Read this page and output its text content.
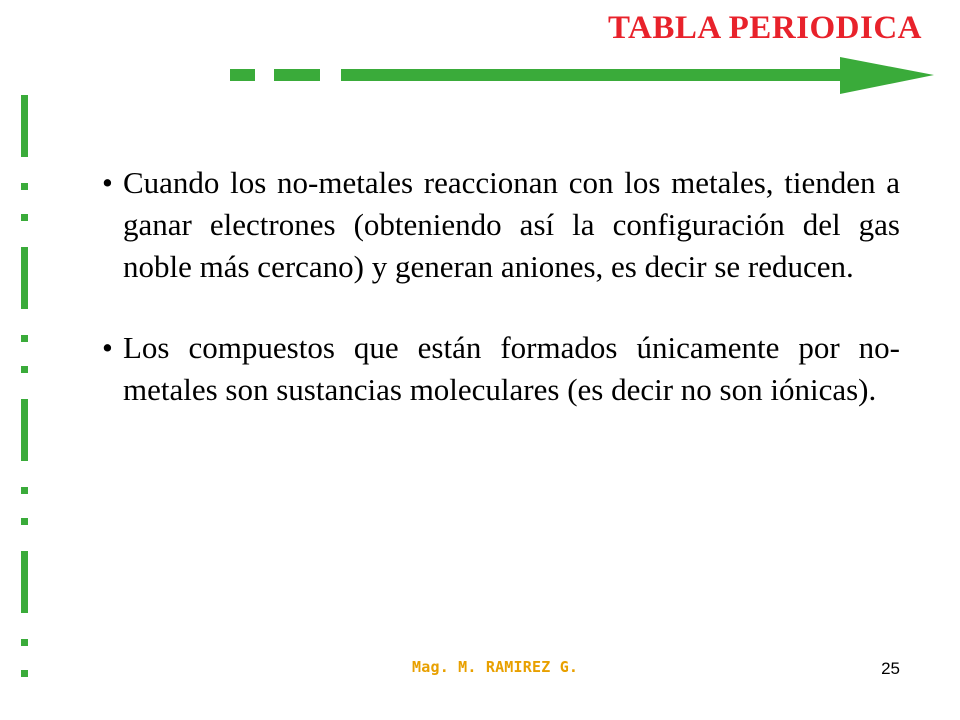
TABLA PERIODICA

• Cuando los no-metales reaccionan con los metales, tienden a ganar electrones (obteniendo así la configuración del gas noble más cercano) y generan aniones, es decir se reducen.

• Los compuestos que están formados únicamente por no-metales son sustancias moleculares (es decir no son iónicas).

Mag. M. RAMIREZ G.	25
